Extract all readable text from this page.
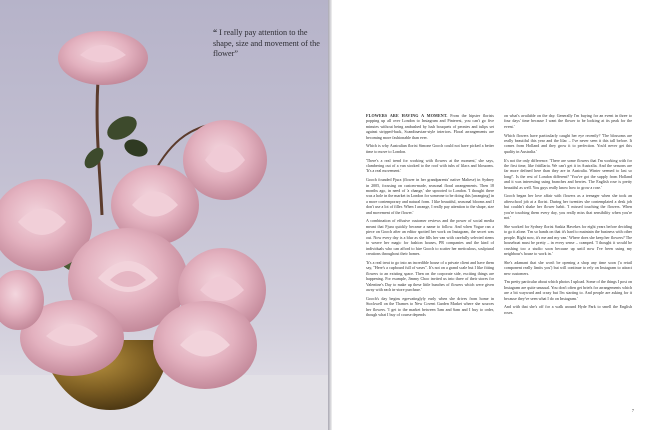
“ I really pay attention to the shape, size and movement of the flower”

FLOWERS ARE HAVING A MOMENT. From the hipster florists popping up all over London to Instagram and Pinterest, you can't go five minutes without being ambushed by lush bouquets of peonies and tulips set against stripped-back, Scandinavian-style interiors. Floral arrangements are becoming more fashionable than ever.

Which is why Australian florist Simone Gooch could not have picked a better time to move to London.

'There's a real trend for working with flowers at the moment,' she says, clambering out of a van stocked to the roof with tubs of lilacs and blossoms. 'It's a real movement.'

Gooch founded Fjura (flower in her grandparents' native Maltese) in Sydney in 2005, focusing on custom-made, seasonal floral arrangements. Then 18 months ago, in need of 'a change,' she uprooted to London. 'I thought there was a hole in the market in London for someone to be doing this [arranging] in a more contemporary and natural form. I like beautiful, seasonal blooms and I don't use a lot of filler. When I arrange, I really pay attention to the shape, size and movement of the flower.'

A combination of effusive customer reviews and the power of social media meant that Fjura quickly became a name to follow. And when Vogue ran a piece on Gooch after an editor spotted her work on Instagram, the secret was out. Now every day is a blur as she fills her van with carefully selected stems to weave her magic for fashion houses, PR companies and the kind of individuals who can afford to hire Gooch to scatter her meticulous, sculptural creations throughout their homes.

'It's a real treat to go into an incredible house of a private client and have them say, "Here's a cupboard full of vases". It's not on a grand scale but I like fitting flowers to an existing space. Then on the corporate side, exciting things are happening. For example, Jimmy Choo invited us into three of their stores for Valentine's Day to make up these little bunches of flowers which were given away with each in-store purchase.'

Gooch's day begins egrevatinglyly early when she drives from home in Stockwell on the Thames to New Covent Garden Market where she sources her flowers. 'I get to the market between 5am and 6am and I buy to order, though what I buy of course depends

on what's available on the day. Generally I'm buying for an event in three to four days' time because I want the flower to be looking at its peak for the event.'

Which flowers have particularly caught her eye recently? 'The blossoms are really beautiful this year and the lilac – I've never seen it this tall before. It comes from Holland and they grow it to perfection. You'd never get this quality in Australia.'

It's not the only difference. 'There are some flowers that I'm working with for the first time, like fritillaria. We can't get it in Australia. And the seasons are far more defined here than they are in Australia. Winter seemed to last so long!'. Is the rest of London different? 'You've got the supply from Holland and it was interesting using branches and berries. The English rose is pretty beautiful as well. You guys really know how to grow a rose.'

Gooch began her love affair with flowers as a teenager when she took an afterschool job at a florist. During her twenties she contemplated a desk job but couldn't shake her flower habit. 'I missed touching the flowers. When you're touching them every day, you really miss that sensibility when you're not.'

She worked for Sydney florist Saskia Havekes for eight years before deciding to go it alone. 'I'm so hands on that it's hard to maintain the business with other people. Right now, it's me and my van.' Where does she keep her flowers? The houseboat must be pretty – in every sense – cramped. 'I thought it would be crushing too a studio soon because up until now I've been using my neighbour's house to work in.'

She's adamant that she won't be opening a shop any time soon ('a retail component really limits you') but will continue to rely on Instagram to attract new customers.

'I'm pretty particular about which photos I upload. Some of the things I post on Instagram are quite unusual. You don't often get briefs for arrangements which are a bit wayward and crazy but I'm starting to. And people are asking for it because they've seen what I do on Instagram.'

And with that she's off for a walk around Hyde Park to smell the English roses.

7
